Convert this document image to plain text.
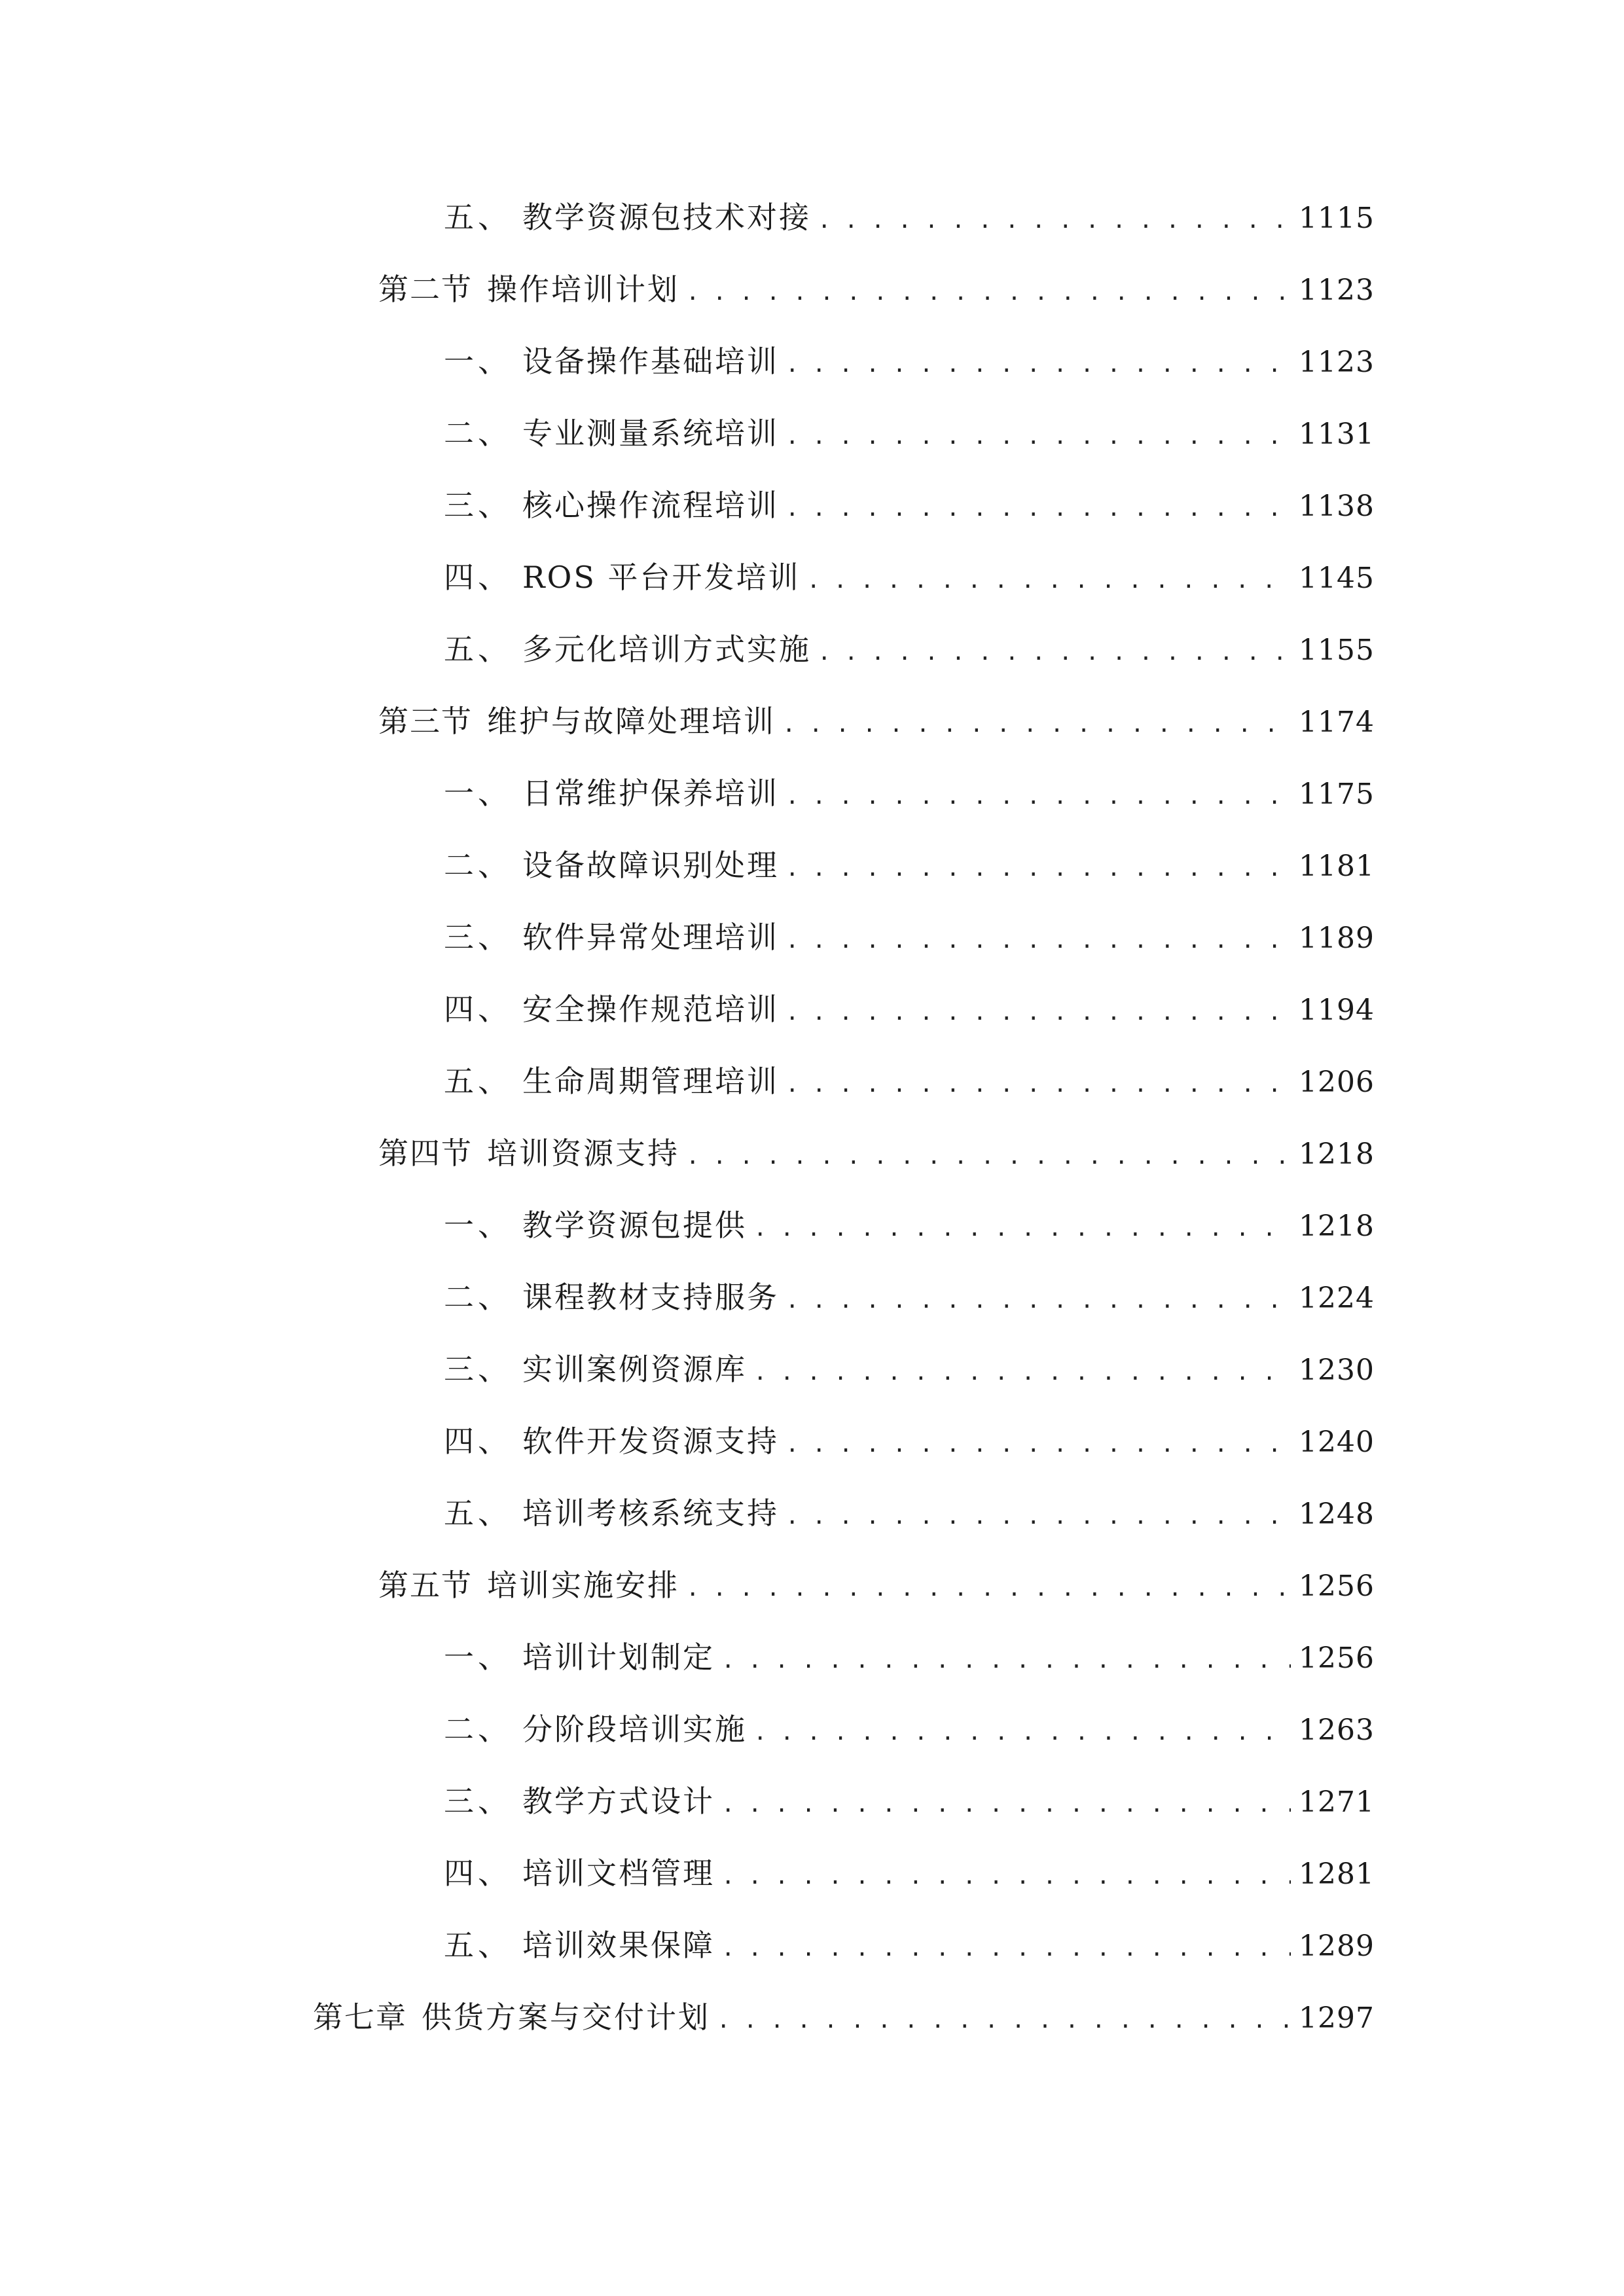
五、 教学资源包技术对接 . . .	1115
第二节 操作培训计划 . . .	1123
一、 设备操作基础培训 . . .	1123
二、 专业测量系统培训 . . .	1131
三、 核心操作流程培训 . . .	1138
四、 ROS 平台开发培训 . . .	1145
五、 多元化培训方式实施 . . .	1155
第三节 维护与故障处理培训 . . .	1174
一、 日常维护保养培训 . . .	1175
二、 设备故障识别处理 . . .	1181
三、 软件异常处理培训 . . .	1189
四、 安全操作规范培训 . . .	1194
五、 生命周期管理培训 . . .	1206
第四节 培训资源支持 . . .	1218
一、 教学资源包提供 . . .	1218
二、 课程教材支持服务 . . .	1224
三、 实训案例资源库 . . .	1230
四、 软件开发资源支持 . . .	1240
五、 培训考核系统支持 . . .	1248
第五节 培训实施安排 . . .	1256
一、 培训计划制定 . . .	1256
二、 分阶段培训实施 . . .	1263
三、 教学方式设计 . . .	1271
四、 培训文档管理 . . .	1281
五、 培训效果保障 . . .	1289
第七章 供货方案与交付计划 . . .	1297
